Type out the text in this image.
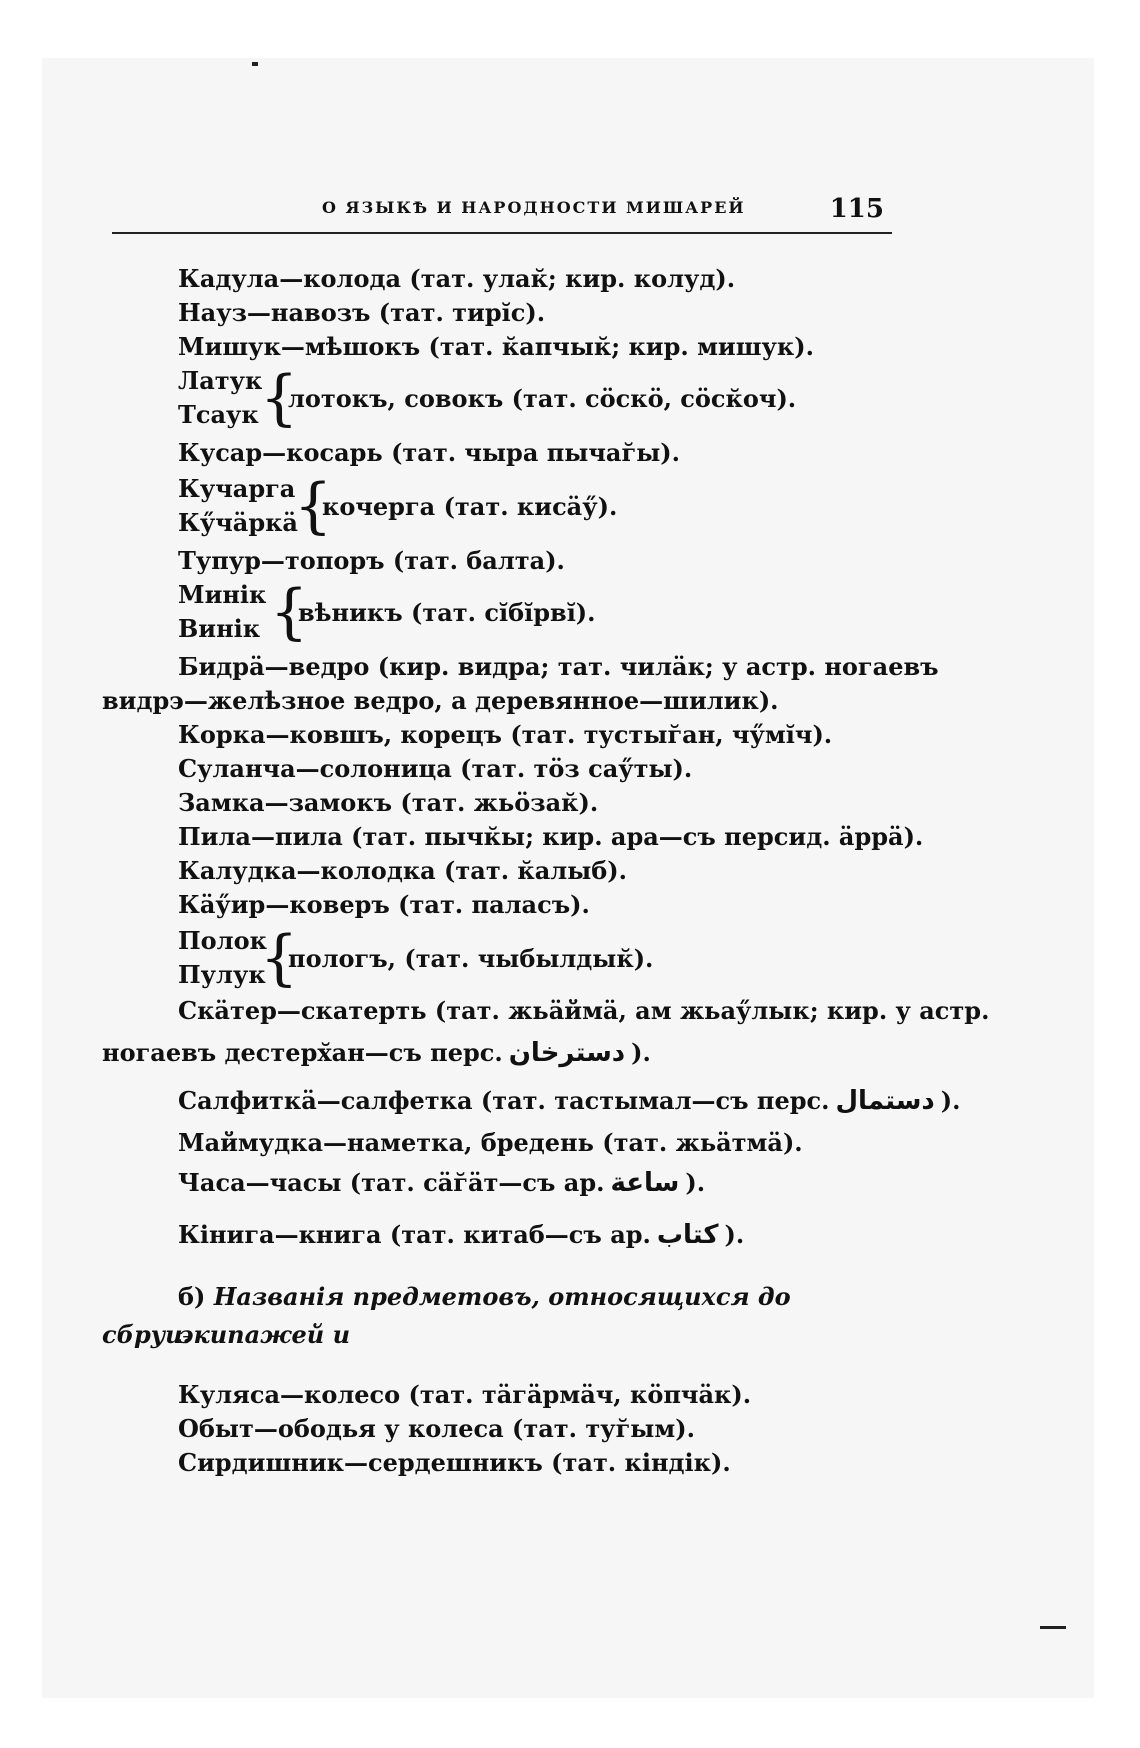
О ЯЗЫКѢ И НАРОДНОСТИ МИШАРЕЙ	115
Кадула—колода (тат. улак̆; кир. колуд).
Науз—навозъ (тат. тирі̆с).
Мишук—мѣшокъ (тат. к̆апчык̆; кир. мишук).
Латук
Тсаук {
лотокъ, совокъ (тат. сӧскӧ, сӧск̆оч).
Кусар—косарь (тат. чыра пычаг̆ы).
Кучарга
Кӳчӓркӓ
{
кочерга (тат. кисӓӳ).
Тупур—топоръ (тат. балта).
Минік
Винік {
вѣникъ (тат. сі̆бі̆рві̆).
Бидрӓ—ведро (кир. видра; тат. чилӓк; у астр. ногаевъ
видрэ—желѣзное ведро, а деревянное—шилик).
Корка—ковшъ, корецъ (тат. тустыг̆ан, чӳмі̆ч).
Суланча—солоница (тат. тӧз саӳты).
Замка—замокъ (тат. жьӧзак̆).
Пила—пила (тат. пычк̆ы; кир. ара—съ персид. ӓррӓ).
Калудка—колодка (тат. к̆алыб).
Кӓӳир—коверъ (тат. паласъ).
Полок
Пулук
{
пологъ, (тат. чыбылдык̆).
Скӓтер—скатерть (тат. жьӓймӓ, ам жьаӳлык; кир. у астр.
ногаевъ дестерх̆ан—съ перс. دسترخان ).
Салфиткӓ—салфетка (тат. тастымал—съ перс. دستمال ).
Маймудка—наметка, бредень (тат. жьӓтмӓ).
Часа—часы (тат. сӓг̆ӓт—съ ар. ساعة ).
Кінига—книга (тат. китаб—съ ар. كتاب ).
б) Названія предметовъ, относящихся до экипажей и
сбруи.
Куляса—колесо (тат. тӓгӓрмӓч, кӧпчӓк).
Обыт—ободья у колеса (тат. туг̆ым).
Сирдишник—сердешникъ (тат. кіндік).
